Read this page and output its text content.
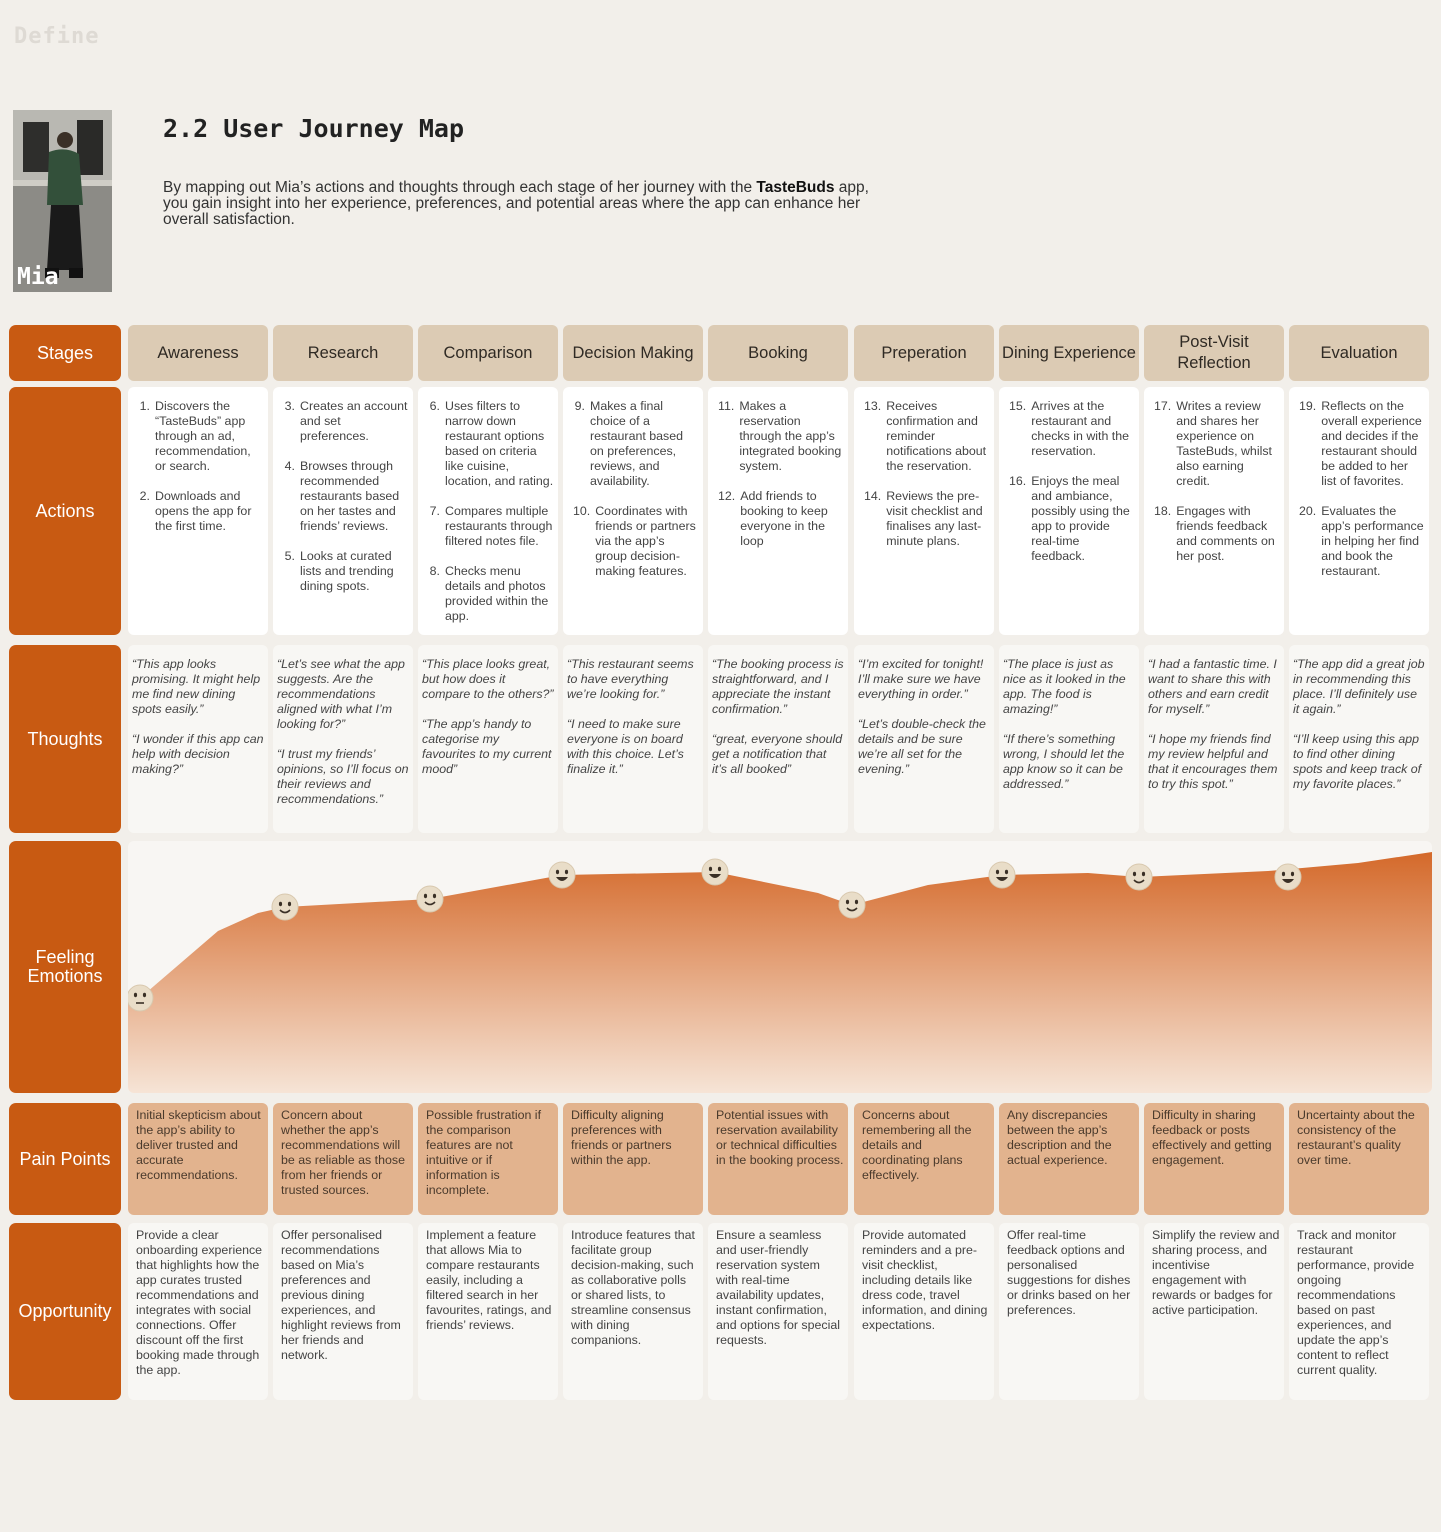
Define
Mia
2.2 User Journey Map
By mapping out Mia’s actions and thoughts through each stage of her journey with the TasteBuds app, you gain insight into her experience, preferences, and potential areas where the app can enhance her overall satisfaction.
Stages
Actions
Thoughts
Feeling Emotions
Pain Points
Opportunity
Awareness
1. Discovers the “TasteBuds” app through an ad, recommendation, or search.
2. Downloads and opens the app for the first time.

“This app looks promising. It might help me find new dining spots easily.”

“I wonder if this app can help with decision making?”

Initial skepticism about the app’s ability to deliver trusted and accurate recommendations.
Provide a clear onboarding experience that highlights how the app curates trusted recommendations and integrates with social connections. Offer discount off the first booking made through the app.
Research
3. Creates an account and set preferences.
4. Browses through recommended restaurants based on her tastes and friends’ reviews.
5. Looks at curated lists and trending dining spots.

“Let’s see what the app suggests. Are the recommendations aligned with what I’m looking for?”

“I trust my friends’ opinions, so I’ll focus on their reviews and recommendations.”

Concern about whether the app’s recommendations will be as reliable as those from her friends or trusted sources.
Offer personalised recommendations based on Mia’s preferences and previous dining experiences, and highlight reviews from her friends and network.
Comparison
6. Uses filters to narrow down restaurant options based on criteria like cuisine, location, and rating.
7. Compares multiple restaurants through filtered notes file.
8. Checks menu details and photos provided within the app.

“This place looks great, but how does it compare to the others?”

“The app’s handy to categorise my favourites to my current mood”

Possible frustration if the comparison features are not intuitive or if information is incomplete.
Implement a feature that allows Mia to compare restaurants easily, including a filtered search in her favourites, ratings, and friends’ reviews.
Decision Making
9. Makes a final choice of a restaurant based on preferences, reviews, and availability.
10. Coordinates with friends or partners via the app’s group decision-making features.

“This restaurant seems to have everything we’re looking for.”

“I need to make sure everyone is on board with this choice. Let’s finalize it.”

Difficulty aligning preferences with friends or partners within the app.
Introduce features that facilitate group decision-making, such as collaborative polls or shared lists, to streamline consensus with dining companions.
Booking
11. Makes a reservation through the app’s integrated booking system.
12. Add friends to booking to keep everyone in the loop

“The booking process is straightforward, and I appreciate the instant confirmation.”

“great, everyone should get a notification that it’s all booked”

Potential issues with reservation availability or technical difficulties in the booking process.
Ensure a seamless and user-friendly reservation system with real-time availability updates, instant confirmation, and options for special requests.
Preperation
13. Receives confirmation and reminder notifications about the reservation.
14. Reviews the pre-visit checklist and finalises any last-minute plans.

“I’m excited for tonight! I’ll make sure we have everything in order.”

“Let’s double-check the details and be sure we’re all set for the evening.”

Concerns about remembering all the details and coordinating plans effectively.
Provide automated reminders and a pre-visit checklist, including details like dress code, travel information, and dining expectations.
Dining Experience
15. Arrives at the restaurant and checks in with the reservation.
16. Enjoys the meal and ambiance, possibly using the app to provide real-time feedback.

“The place is just as nice as it looked in the app. The food is amazing!”

“If there’s something wrong, I should let the app know so it can be addressed.”

Any discrepancies between the app’s description and the actual experience.
Offer real-time feedback options and personalised suggestions for dishes or drinks based on her preferences.
Post-Visit Reflection
17. Writes a review and shares her experience on TasteBuds, whilst also earning credit.
18. Engages with friends feedback and comments on her post.

“I had a fantastic time. I want to share this with others and earn credit for myself.”

“I hope my friends find my review helpful and that it encourages them to try this spot.”

Difficulty in sharing feedback or posts effectively and getting engagement.
Simplify the review and sharing process, and incentivise engagement with rewards or badges for active participation.
Evaluation
19. Reflects on the overall experience and decides if the restaurant should be added to her list of favorites.
20. Evaluates the app’s performance in helping her find and book the restaurant.

“The app did a great job in recommending this place. I’ll definitely use it again.”

“I’ll keep using this app to find other dining spots and keep track of my favorite places.”

Uncertainty about the consistency of the restaurant’s quality over time.
Track and monitor restaurant performance, provide ongoing recommendations based on past experiences, and update the app’s content to reflect current quality.
